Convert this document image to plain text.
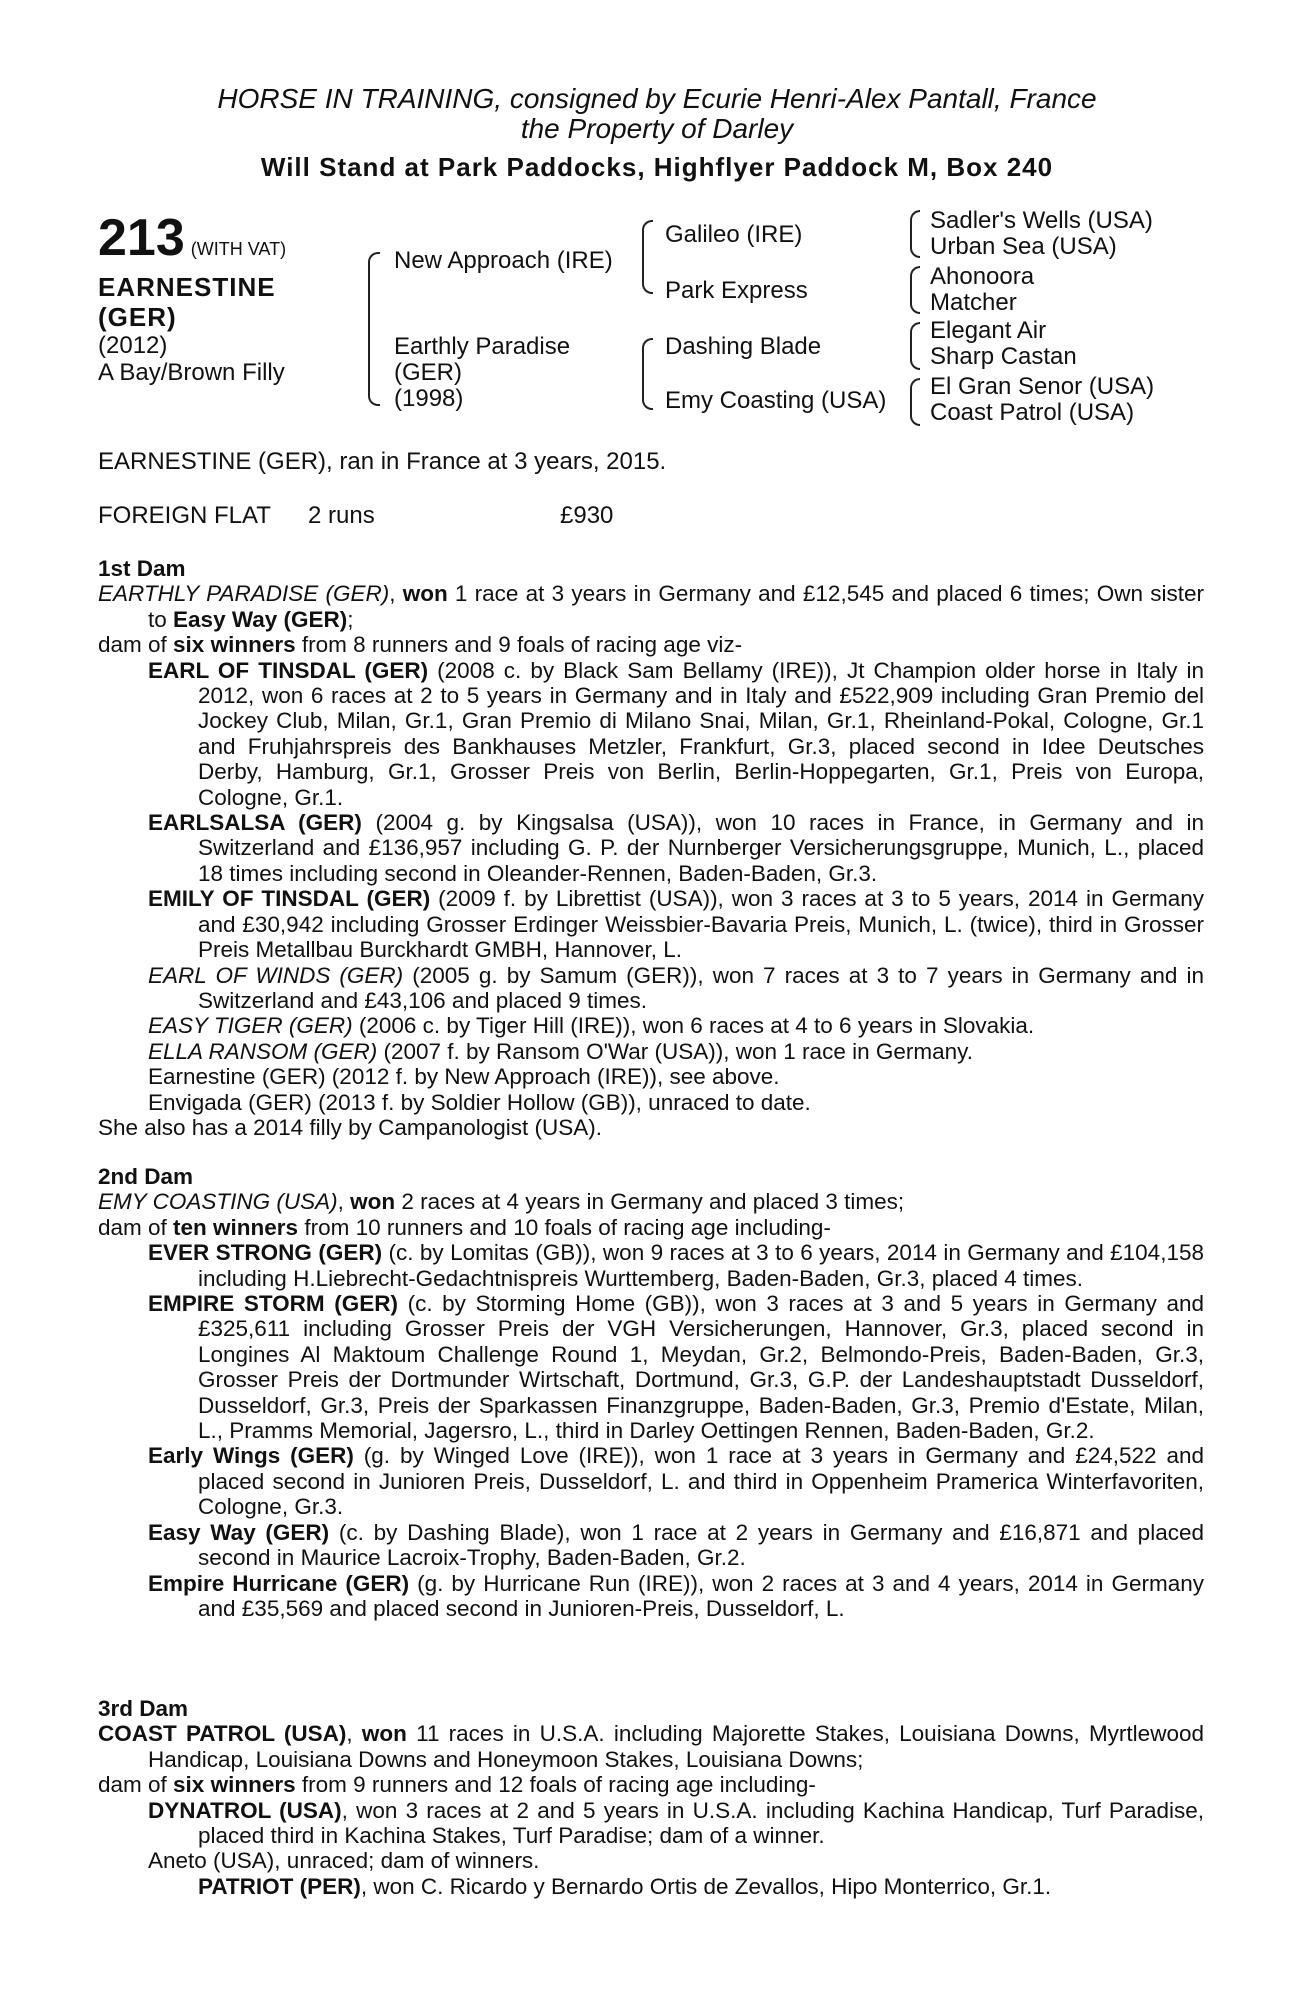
HORSE IN TRAINING, consigned by Ecurie Henri-Alex Pantall, France
the Property of Darley
Will Stand at Park Paddocks, Highflyer Paddock M, Box 240
213 (WITH VAT)
EARNESTINE
(GER)
(2012)
A Bay/Brown Filly
New Approach (IRE)
Earthly Paradise
(GER)
(1998)
Galileo (IRE)
Park Express
Dashing Blade
Emy Coasting (USA)
Sadler's Wells (USA)
Urban Sea (USA)
Ahonoora
Matcher
Elegant Air
Sharp Castan
El Gran Senor (USA)
Coast Patrol (USA)
EARNESTINE (GER), ran in France at 3 years, 2015.
FOREIGN FLAT 2 runs	£930
1st Dam

EARTHLY PARADISE (GER), won 1 race at 3 years in Germany and £12,545 and placed 6 times; Own sister to Easy Way (GER);

dam of six winners from 8 runners and 9 foals of racing age viz-

EARL OF TINSDAL (GER) (2008 c. by Black Sam Bellamy (IRE)), Jt Champion older horse in Italy in 2012, won 6 races at 2 to 5 years in Germany and in Italy and £522,909 including Gran Premio del Jockey Club, Milan, Gr.1, Gran Premio di Milano Snai, Milan, Gr.1, Rheinland-Pokal, Cologne, Gr.1 and Fruhjahrspreis des Bankhauses Metzler, Frankfurt, Gr.3, placed second in Idee Deutsches Derby, Hamburg, Gr.1, Grosser Preis von Berlin, Berlin-Hoppegarten, Gr.1, Preis von Europa, Cologne, Gr.1.

EARLSALSA (GER) (2004 g. by Kingsalsa (USA)), won 10 races in France, in Germany and in Switzerland and £136,957 including G. P. der Nurnberger Versicherungsgruppe, Munich, L., placed 18 times including second in Oleander-Rennen, Baden-Baden, Gr.3.

EMILY OF TINSDAL (GER) (2009 f. by Librettist (USA)), won 3 races at 3 to 5 years, 2014 in Germany and £30,942 including Grosser Erdinger Weissbier-Bavaria Preis, Munich, L. (twice), third in Grosser Preis Metallbau Burckhardt GMBH, Hannover, L.

EARL OF WINDS (GER) (2005 g. by Samum (GER)), won 7 races at 3 to 7 years in Germany and in Switzerland and £43,106 and placed 9 times.

EASY TIGER (GER) (2006 c. by Tiger Hill (IRE)), won 6 races at 4 to 6 years in Slovakia.

ELLA RANSOM (GER) (2007 f. by Ransom O'War (USA)), won 1 race in Germany.

Earnestine (GER) (2012 f. by New Approach (IRE)), see above.

Envigada (GER) (2013 f. by Soldier Hollow (GB)), unraced to date.

She also has a 2014 filly by Campanologist (USA).

2nd Dam

EMY COASTING (USA), won 2 races at 4 years in Germany and placed 3 times;

dam of ten winners from 10 runners and 10 foals of racing age including-

EVER STRONG (GER) (c. by Lomitas (GB)), won 9 races at 3 to 6 years, 2014 in Germany and £104,158 including H.Liebrecht-Gedachtnispreis Wurttemberg, Baden-Baden, Gr.3, placed 4 times.

EMPIRE STORM (GER) (c. by Storming Home (GB)), won 3 races at 3 and 5 years in Germany and £325,611 including Grosser Preis der VGH Versicherungen, Hannover, Gr.3, placed second in Longines Al Maktoum Challenge Round 1, Meydan, Gr.2, Belmondo-Preis, Baden-Baden, Gr.3, Grosser Preis der Dortmunder Wirtschaft, Dortmund, Gr.3, G.P. der Landeshauptstadt Dusseldorf, Dusseldorf, Gr.3, Preis der Sparkassen Finanzgruppe, Baden-Baden, Gr.3, Premio d'Estate, Milan, L., Pramms Memorial, Jagersro, L., third in Darley Oettingen Rennen, Baden-Baden, Gr.2.

Early Wings (GER) (g. by Winged Love (IRE)), won 1 race at 3 years in Germany and £24,522 and placed second in Junioren Preis, Dusseldorf, L. and third in Oppenheim Pramerica Winterfavoriten, Cologne, Gr.3.

Easy Way (GER) (c. by Dashing Blade), won 1 race at 2 years in Germany and £16,871 and placed second in Maurice Lacroix-Trophy, Baden-Baden, Gr.2.

Empire Hurricane (GER) (g. by Hurricane Run (IRE)), won 2 races at 3 and 4 years, 2014 in Germany and £35,569 and placed second in Junioren-Preis, Dusseldorf, L.

3rd Dam

COAST PATROL (USA), won 11 races in U.S.A. including Majorette Stakes, Louisiana Downs, Myrtlewood Handicap, Louisiana Downs and Honeymoon Stakes, Louisiana Downs;

dam of six winners from 9 runners and 12 foals of racing age including-

DYNATROL (USA), won 3 races at 2 and 5 years in U.S.A. including Kachina Handicap, Turf Paradise, placed third in Kachina Stakes, Turf Paradise; dam of a winner.

Aneto (USA), unraced; dam of winners.

PATRIOT (PER), won C. Ricardo y Bernardo Ortis de Zevallos, Hipo Monterrico, Gr.1.
